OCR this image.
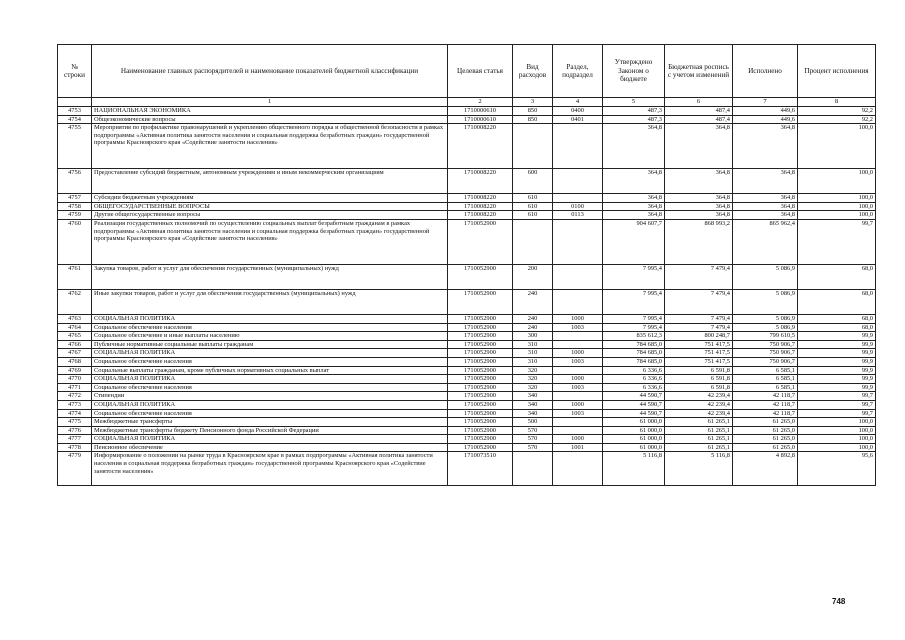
№ строки	Наименование главных распорядителей и наименование показателей бюджетной классификации	Целевая статья	Вид расходов	Раздел, подраздел	Утверждено Законом о бюджете	Бюджетная роспись с учетом изменений	Исполнено	Процент исполнения
	1	2	3	4	5	6	7	8
4753	НАЦИОНАЛЬНАЯ ЭКОНОМИКА	1710000610	850	0400	487,3	487,4	449,6	92,2
4754	Общеэкономические вопросы	1710000610	850	0401	487,3	487,4	449,6	92,2
4755	Мероприятия по профилактике правонарушений и укреплению общественного порядка и общественной безопасности в рамках подпрограммы «Активная политика занятости населения и социальная поддержка безработных граждан» государственной программы Красноярского края «Содействие занятости населения»	1710008220			364,8	364,8	364,8	100,0
4756	Предоставление субсидий бюджетным, автономным учреждениям и иным некоммерческим организациям	1710008220	600		364,8	364,8	364,8	100,0
4757	Субсидии бюджетным учреждениям	1710008220	610		364,8	364,8	364,8	100,0
4758	ОБЩЕГОСУДАРСТВЕННЫЕ ВОПРОСЫ	1710008220	610	0100	364,8	364,8	364,8	100,0
4759	Другие общегосударственные вопросы	1710008220	610	0113	364,8	364,8	364,8	100,0
4760	Реализация государственных полномочий по осуществлению социальных выплат безработным гражданам в рамках подпрограммы «Активная политика занятости населения и социальная поддержка безработных граждан» государственной программы Красноярского края «Содействие занятости населения»	1710052900			904 607,7	868 993,2	865 962,4	99,7
4761	Закупка товаров, работ и услуг для обеспечения государственных (муниципальных) нужд	1710052900	200		7 995,4	7 479,4	5 086,9	68,0
4762	Иные закупки товаров, работ и услуг для обеспечения государственных (муниципальных) нужд	1710052900	240		7 995,4	7 479,4	5 086,9	68,0
4763	СОЦИАЛЬНАЯ ПОЛИТИКА	1710052900	240	1000	7 995,4	7 479,4	5 086,9	68,0
4764	Социальное обеспечение населения	1710052900	240	1003	7 995,4	7 479,4	5 086,9	68,0
4765	Социальное обеспечение и иные выплаты населению	1710052900	300		835 612,3	800 248,7	799 610,5	99,9
4766	Публичные нормативные социальные выплаты гражданам	1710052900	310		784 685,0	751 417,5	750 906,7	99,9
4767	СОЦИАЛЬНАЯ ПОЛИТИКА	1710052900	310	1000	784 685,0	751 417,5	750 906,7	99,9
4768	Социальное обеспечение населения	1710052900	310	1003	784 685,0	751 417,5	750 906,7	99,9
4769	Социальные выплаты гражданам, кроме публичных нормативных социальных выплат	1710052900	320		6 336,6	6 591,8	6 585,1	99,9
4770	СОЦИАЛЬНАЯ ПОЛИТИКА	1710052900	320	1000	6 336,6	6 591,8	6 585,1	99,9
4771	Социальное обеспечение населения	1710052900	320	1003	6 336,6	6 591,8	6 585,1	99,9
4772	Стипендии	1710052900	340		44 590,7	42 239,4	42 118,7	99,7
4773	СОЦИАЛЬНАЯ ПОЛИТИКА	1710052900	340	1000	44 590,7	42 239,4	42 118,7	99,7
4774	Социальное обеспечение населения	1710052900	340	1003	44 590,7	42 239,4	42 118,7	99,7
4775	Межбюджетные трансферты	1710052900	500		61 000,0	61 265,1	61 265,0	100,0
4776	Межбюджетные трансферты бюджету Пенсионного фонда Российской Федерации	1710052900	570		61 000,0	61 265,1	61 265,0	100,0
4777	СОЦИАЛЬНАЯ ПОЛИТИКА	1710052900	570	1000	61 000,0	61 265,1	61 265,0	100,0
4778	Пенсионное обеспечение	1710052900	570	1001	61 000,0	61 265,1	61 265,0	100,0
4779	Информирование о положении на рынке труда в Красноярском крае в рамках подпрограммы «Активная политика занятости населения и социальная поддержка безработных граждан» государственной программы Красноярского края «Содействие занятости населения»	1710073510			5 116,8	5 116,8	4 892,8	95,6
748
